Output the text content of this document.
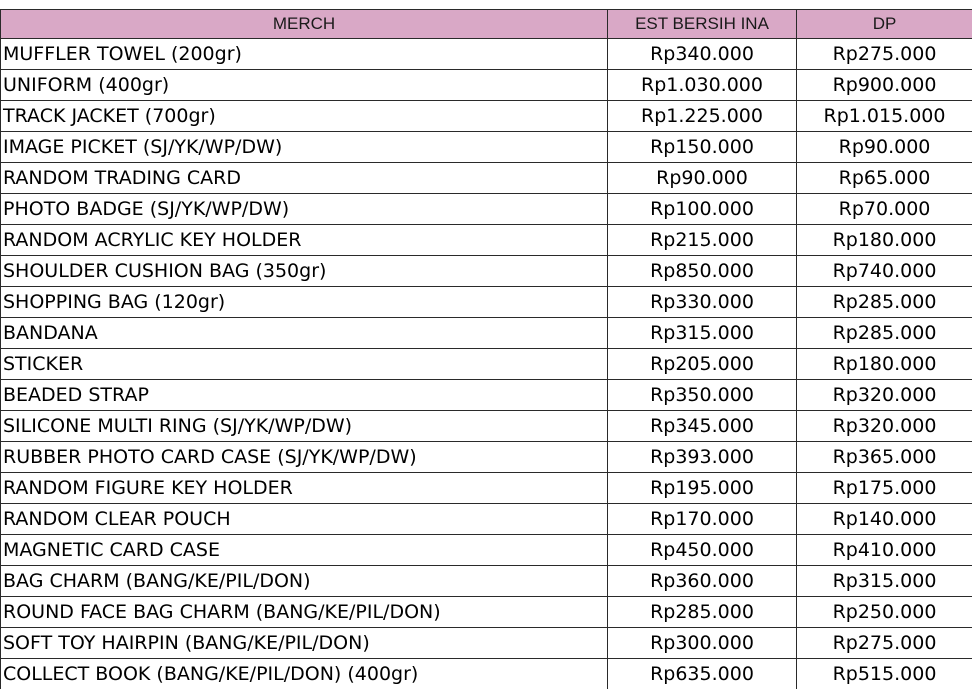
MERCH	EST BERSIH INA	DP
MUFFLER TOWEL (200gr)	Rp340.000	Rp275.000
UNIFORM (400gr)	Rp1.030.000	Rp900.000
TRACK JACKET (700gr)	Rp1.225.000	Rp1.015.000
IMAGE PICKET (SJ/YK/WP/DW)	Rp150.000	Rp90.000
RANDOM TRADING CARD	Rp90.000	Rp65.000
PHOTO BADGE (SJ/YK/WP/DW)	Rp100.000	Rp70.000
RANDOM ACRYLIC KEY HOLDER	Rp215.000	Rp180.000
SHOULDER CUSHION BAG (350gr)	Rp850.000	Rp740.000
SHOPPING BAG (120gr)	Rp330.000	Rp285.000
BANDANA	Rp315.000	Rp285.000
STICKER	Rp205.000	Rp180.000
BEADED STRAP	Rp350.000	Rp320.000
SILICONE MULTI RING (SJ/YK/WP/DW)	Rp345.000	Rp320.000
RUBBER PHOTO CARD CASE (SJ/YK/WP/DW)	Rp393.000	Rp365.000
RANDOM FIGURE KEY HOLDER	Rp195.000	Rp175.000
RANDOM CLEAR POUCH	Rp170.000	Rp140.000
MAGNETIC CARD CASE	Rp450.000	Rp410.000
BAG CHARM (BANG/KE/PIL/DON)	Rp360.000	Rp315.000
ROUND FACE BAG CHARM (BANG/KE/PIL/DON)	Rp285.000	Rp250.000
SOFT TOY HAIRPIN (BANG/KE/PIL/DON)	Rp300.000	Rp275.000
COLLECT BOOK (BANG/KE/PIL/DON) (400gr)	Rp635.000	Rp515.000
